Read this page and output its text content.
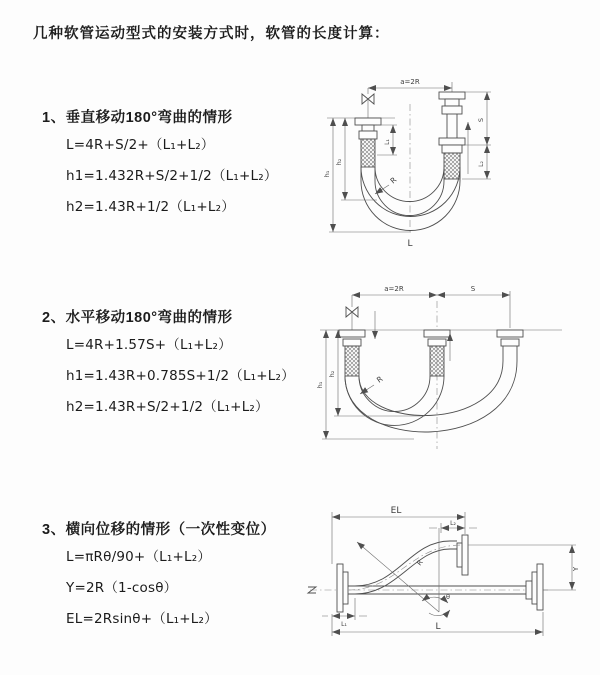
几种软管运动型式的安装方式时，软管的长度计算：
1、垂直移动180°弯曲的情形

L=4R+S/2+（L₁+L₂）

h1=1.432R+S/2+1/2（L₁+L₂）

h2=1.43R+1/2（L₁+L₂）

2、水平移动180°弯曲的情形

L=4R+1.57S+（L₁+L₂）

h1=1.43R+0.785S+1/2（L₁+L₂）

h2=1.43R+S/2+1/2（L₁+L₂）

3、横向位移的情形（一次性变位）

L=πRθ/90+（L₁+L₂）

Y=2R（1-cosθ）

EL=2Rsinθ+（L₁+L₂）

a=2R
R
h₁
h₂
L₁
S
L₂
L
a=2R	S
R
h₁
h₂
EL
L₂
R
θ
Y
L₁	L
